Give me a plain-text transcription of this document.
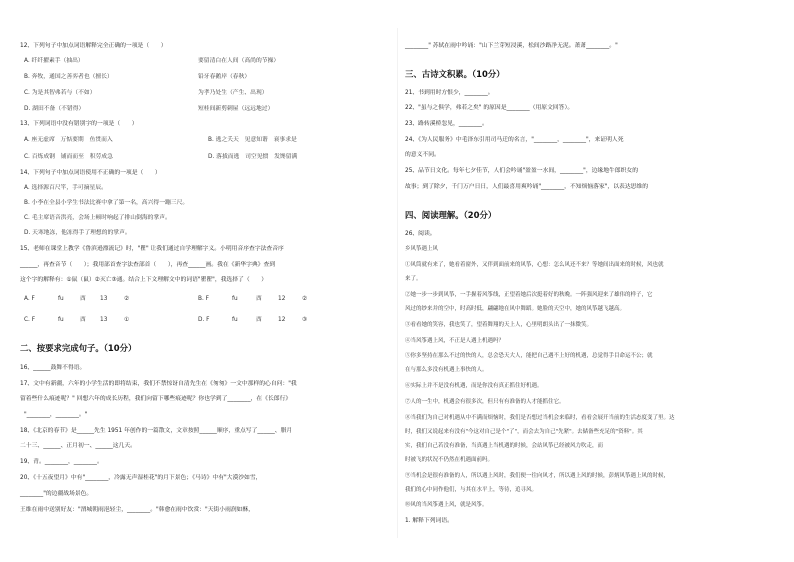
12、下列句子中加点词语解释完全正确的一项是（　　）
A. 纤纤擢素手（抽出）	要留清白在人间（高尚的节操）
B. 奔牧，通国之善弈者也（擅长）	铅牙春鹅岸（春秋）
C. 为是其智弗若与（不如）	为孝乃处生（产生、出现）
D. 湖田不备（不错得）	短桂间新剪刺屋（远远地过）
13、下列词语中没有错别字的一项是（　　）
A. 座无虚席　万惦要期　鱼贯而入	B. 逃之夭天　见意知谐　衰事求是
C. 百炼成钢　铺而而至　积劳成急	D. 落拔而逃　司空见惯　发馋留满
14、下列句子中加点词语使用不正确的一项是（　　）
A. 选择源百尺竿，手可摘星辰。
B. 小李在全县小学生书法比赛中拿了第一名，高兴得一蹦三尺。
C. 毛主席语音洪亮，会场上顿时响起了排山倒海的掌声。
D. 天寒地冻，他冻得手了理想的的掌声。
15、老师在课堂上教学《鲁滨逊漂流记》时，"瞿" 让我们通过自学理解字义。小明用音序查字法查音序
______，再查音节（　　）；我用部首查字法查部首（　　），再查______画。我在《新华字典》查到
这个字的解释有：①鼠（鼠）②灭亡③通。结合上下文理解文中的词语"瞿瞿"，我选择了（　　）
A. F	fu	酉 13	②	B. F	fu	酉	12	②
C. F	fu	酉 13	①	D. F	fu	酉	12	③
二、按要求完成句子。（10分）
16、______鼓舞不得语。
17、文中有新疆，六年的小学生活的即将结束，我们不禁惊讶自清先生在《匆匆》一文中那样的心自问："我
留着些什么痕迹呢？" 回想六年的成长历程，我们向留下哪些痕迹呢？你也学到了________，在《长郎行》
"________，________。"
18、《北京的春节》是______先生 1951 年创作的一篇散文，文章按照______顺序，重点写了______、腊月
二十三、______、正月初一、______这几天。
19、青。________，________。
20、《十五夜望月》中有"________，冷露无声湿桂花"的月下景色；《马诗》中有"大漠沙如雪，
________"的边疆战场景色。
王维在雨中送别好友："渭城朝雨浥轻尘，________。"韩愈在雨中饮赏："天街小雨润如酥，
________" 苏轼在雨中吟诵："山下兰芽短浸溪，松间沙路净无泥。萧萧________。"
三、古诗文积累。（10分）
21、书到用时方恨少，________。
22、"虽与之俱学，弗若之矣" 的原因是________（用原文回答）。
23、路转溪桥忽见，________。
24、《为人民服务》中毛泽东引用司马迁的名言，"________，________"，来证明人死
的意义不同。
25、品节日文化。每年七夕佳节，人们会吟诵"盈盈一水间，________"，边缘地牛郎织女的
故事；到了除夕，千门万户日日，人们最喜用爽吟诵"________，不知烦恼落家"，以表达思维的
四、阅读理解。（20分）
26、阅读。
乡风筝遇上风
①风筒就有来了，她看着窗外，又伴到面前来的风筝，心想：怎么风还不来？等她间出面来的时候，风也就
来了。
②她一步一步到风筝，一手握着风筝线，正望着她后次挺着好的秋晚。一阵强风迎来了雄伟的样子，它
风过的纱来并的空中，时高时低，翩翩地在风中舞蹈。她脸的天空中，她的风筝越飞越高。
③看看她的笑容，我也笑了，望着舞翔的天上人，心里明朗头出了一抹微笑。
④当风筝遇上风，不正是人遇上机遇吗？
⑤你多坚持在那么不过的快的人，总会恐天大人，能把自己遇不上好的机遇，总觉得手目命运不公；就
在与那么多没有机遇上事快的人。
⑥实际上并不是没有机遇，而是你没有真正抓住好机遇。
⑦人的一生中，机遇会有很多次，但只有有准备的人才能抓住它。
⑧当我们为自己对机遇从中不满而烦恼时，我们是否想过当机会来临时，看看会展开当前的生活态度变了里。达
时，我们又说起来有没有"今这对自己是个"了"，而会去为自己"先紧"。去储备些充足的"资料"。其
实，我们自己若没有准备，当真遇上当机遇的时候，会站风筝已经被风力吹走，而
时被飞的状况不仍然在机遇面前吗。
⑨当机会是很有准备的人，所以遇上风时，我们便一往向风才，所以遇上风的时候，彭炳风筝遇上风的时候，
我们的心中同作他们，与其在水平上，等待，追寻风。
⑩风的当风筝遇上风，就是风筝。
1. 解释下列词语。
